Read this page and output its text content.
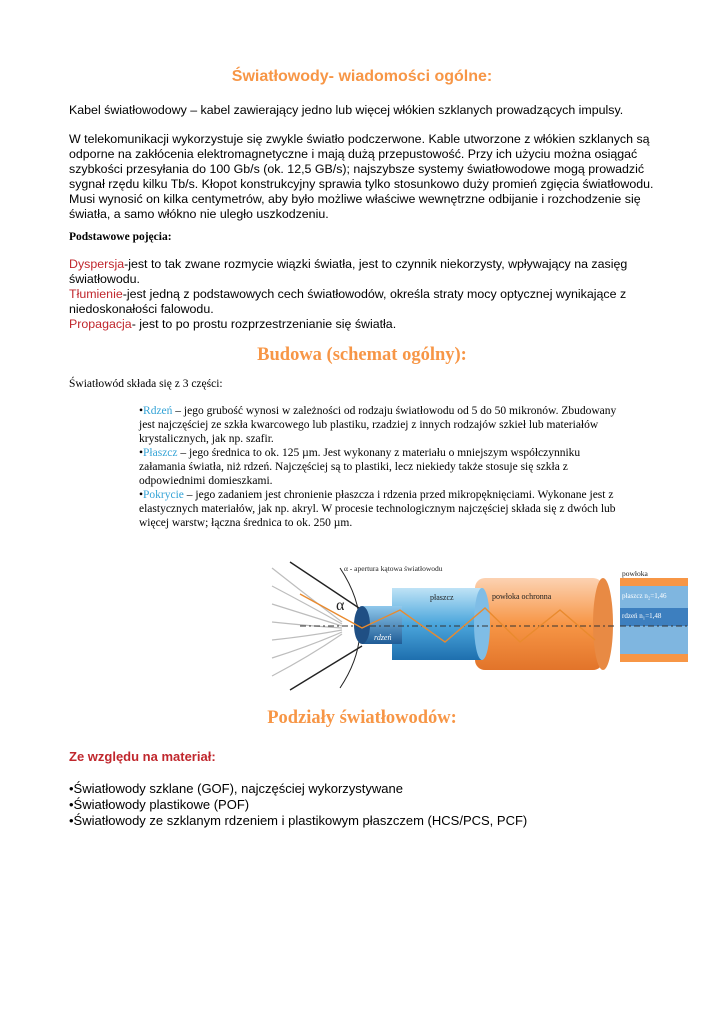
Światłowody- wiadomości ogólne:

Kabel światłowodowy – kabel zawierający jedno lub więcej włókien szklanych prowadzących impulsy.

W telekomunikacji wykorzystuje się zwykle światło podczerwone. Kable utworzone z włókien szklanych są odporne na zakłócenia elektromagnetyczne i mają dużą przepustowość. Przy ich użyciu można osiągać szybkości przesyłania do 100 Gb/s (ok. 12,5 GB/s); najszybsze systemy światłowodowe mogą prowadzić sygnał rzędu kilku Tb/s. Kłopot konstrukcyjny sprawia tylko stosunkowo duży promień zgięcia światłowodu. Musi wynosić on kilka centymetrów, aby było możliwe właściwe wewnętrzne odbijanie i rozchodzenie się światła, a samo włókno nie uległo uszkodzeniu.

Podstawowe pojęcia:

Dyspersja-jest to tak zwane rozmycie wiązki światła, jest to czynnik niekorzysty, wpływający na zasięg światłowodu.
Tłumienie-jest jedną z podstawowych cech światłowodów, określa straty mocy optycznej wynikające z niedoskonałości falowodu.
Propagacja- jest to po prostu rozprzestrzenianie się światła.

Budowa (schemat ogólny):
Światłowód składa się z 3 części:

•Rdzeń – jego grubość wynosi w zależności od rodzaju światłowodu od 5 do 50 mikronów. Zbudowany jest najczęściej ze szkła kwarcowego lub plastiku, rzadziej z innych rodzajów szkieł lub materiałów krystalicznych, jak np. szafir.
•Płaszcz – jego średnica to ok. 125 µm. Jest wykonany z materiału o mniejszym współczynniku załamania światła, niż rdzeń. Najczęściej są to plastiki, lecz niekiedy także stosuje się szkła z odpowiednimi domieszkami.
•Pokrycie – jego zadaniem jest chronienie płaszcza i rdzenia przed mikropęknięciami. Wykonane jest z elastycznych materiałów, jak np. akryl. W procesie technologicznym najczęściej składa się z dwóch lub więcej warstw; łączna średnica to ok. 250 µm.

α - apertura kątowa światłowodu
α	płaszcz	powłoka ochronna
rdzeń
powłoka
płaszcz n₂=1,46
rdzeń n₁=1,48
Podziały światłowodów:
Ze względu na materiał:

•Światłowody szklane (GOF), najczęściej wykorzystywane
•Światłowody plastikowe (POF)
•Światłowody ze szklanym rdzeniem i plastikowym płaszczem (HCS/PCS, PCF)
